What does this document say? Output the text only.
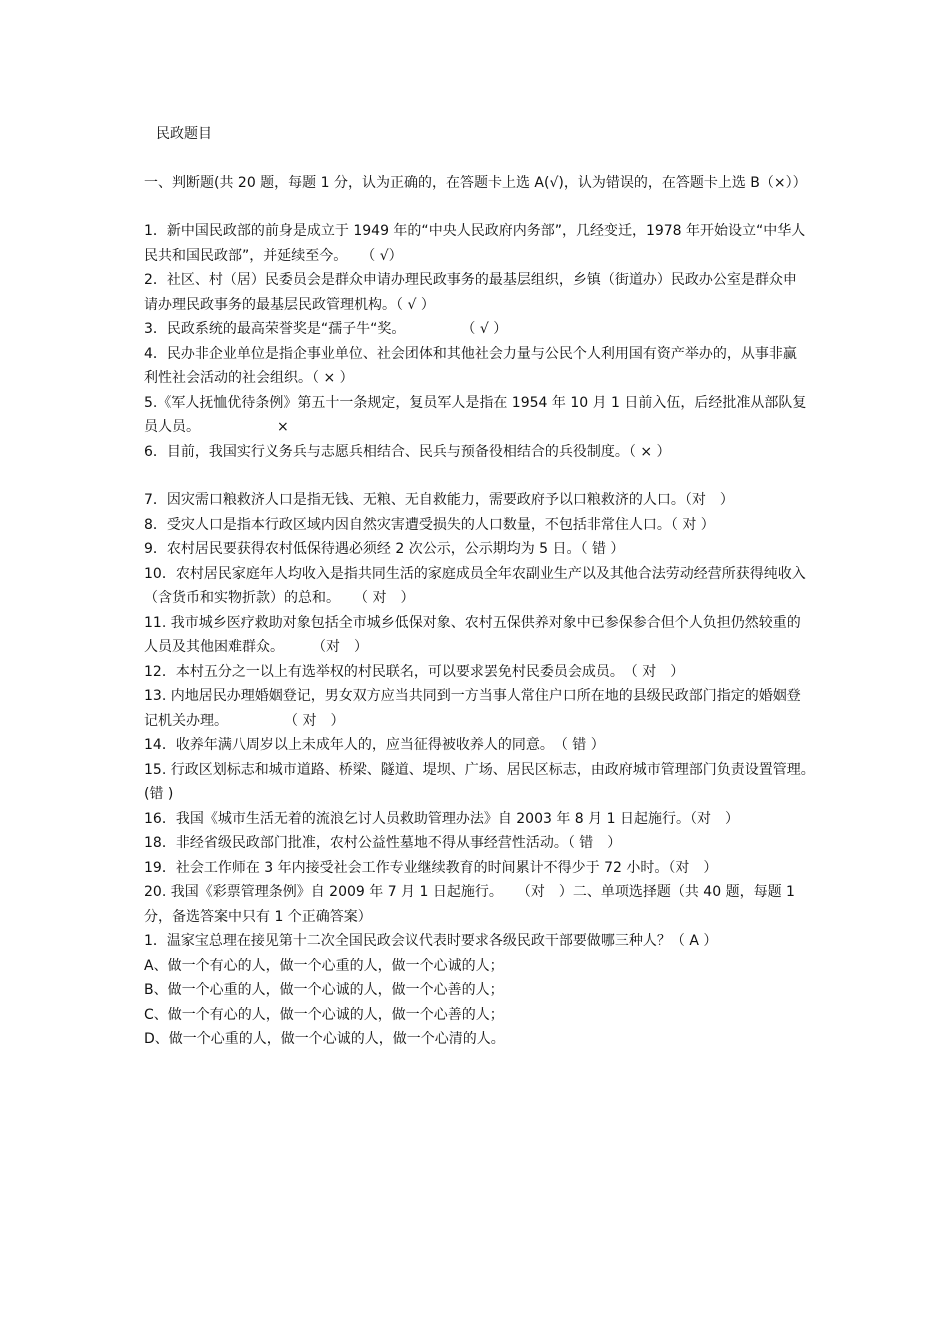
民政题目
一、判断题(共 20 题，每题 1 分，认为正确的，在答题卡上选 A(√)，认为错误的，在答题卡上选 B（×））

1．新中国民政部的前身是成立于 1949 年的“中央人民政府内务部”，几经变迁，1978 年开始设立“中华人民共和国民政部”，并延续至今。　　（ √）

2．社区、村（居）民委员会是群众申请办理民政事务的最基层组织，乡镇（街道办）民政办公室是群众申请办理民政事务的最基层民政管理机构。（ √ ）

3．民政系统的最高荣誉奖是“孺子牛“奖。　　　　　（ √ ）

4．民办非企业单位是指企事业单位、社会团体和其他社会力量与公民个人利用国有资产举办的，从事非赢利性社会活动的社会组织。（ × ）

5.《军人抚恤优待条例》第五十一条规定，复员军人是指在 1954 年 10 月 1 日前入伍，后经批准从部队复员人员。　　　　　　×

6．目前，我国实行义务兵与志愿兵相结合、民兵与预备役相结合的兵役制度。（ × ）

7．因灾需口粮救济人口是指无钱、无粮、无自救能力，需要政府予以口粮救济的人口。（对　）

8．受灾人口是指本行政区域内因自然灾害遭受损失的人口数量，不包括非常住人口。（ 对 ）

9．农村居民要获得农村低保待遇必须经 2 次公示，公示期均为 5 日。（ 错 ）

10．农村居民家庭年人均收入是指共同生活的家庭成员全年农副业生产以及其他合法劳动经营所获得纯收入（含货币和实物折款）的总和。　　（ 对　）

11. 我市城乡医疗救助对象包括全市城乡低保对象、农村五保供养对象中已参保参合但个人负担仍然较重的人员及其他困难群众。　　　（对　）

12．本村五分之一以上有选举权的村民联名，可以要求罢免村民委员会成员。　（ 对　）

13. 内地居民办理婚姻登记，男女双方应当共同到一方当事人常住户口所在地的县级民政部门指定的婚姻登记机关办理。　　　　　（ 对　）

14．收养年满八周岁以上未成年人的，应当征得被收养人的同意。　（ 错 ）

15. 行政区划标志和城市道路、桥梁、隧道、堤坝、广场、居民区标志，由政府城市管理部门负责设置管理。　　　　　　(错 )

16．我国《城市生活无着的流浪乞讨人员救助管理办法》自 2003 年 8 月 1 日起施行。（对　）

18．非经省级民政部门批准，农村公益性墓地不得从事经营性活动。（ 错　）

19．社会工作师在 3 年内接受社会工作专业继续教育的时间累计不得少于 72 小时。（对　）

20. 我国《彩票管理条例》自 2009 年 7 月 1 日起施行。　　（对　）二、单项选择题（共 40 题，每题 1 分，备选答案中只有 1 个正确答案）

1．温家宝总理在接见第十二次全国民政会议代表时要求各级民政干部要做哪三种人？（ A ）

A、做一个有心的人，做一个心重的人，做一个心诚的人；

B、做一个心重的人，做一个心诚的人，做一个心善的人；

C、做一个有心的人，做一个心诚的人，做一个心善的人；

D、做一个心重的人，做一个心诚的人，做一个心清的人。
